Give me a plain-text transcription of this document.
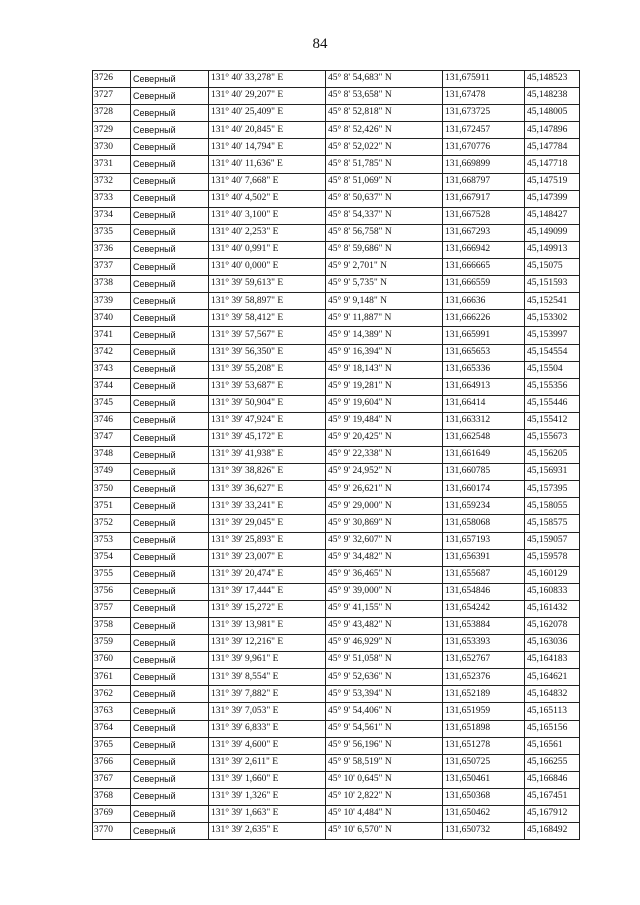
84
3726	Северный	131° 40' 33,278" E	45° 8' 54,683" N	131,675911	45,148523
3727	Северный	131° 40' 29,207" E	45° 8' 53,658" N	131,67478	45,148238
3728	Северный	131° 40' 25,409" E	45° 8' 52,818" N	131,673725	45,148005
3729	Северный	131° 40' 20,845" E	45° 8' 52,426" N	131,672457	45,147896
3730	Северный	131° 40' 14,794" E	45° 8' 52,022" N	131,670776	45,147784
3731	Северный	131° 40' 11,636" E	45° 8' 51,785" N	131,669899	45,147718
3732	Северный	131° 40' 7,668" E	45° 8' 51,069" N	131,668797	45,147519
3733	Северный	131° 40' 4,502" E	45° 8' 50,637" N	131,667917	45,147399
3734	Северный	131° 40' 3,100" E	45° 8' 54,337" N	131,667528	45,148427
3735	Северный	131° 40' 2,253" E	45° 8' 56,758" N	131,667293	45,149099
3736	Северный	131° 40' 0,991" E	45° 8' 59,686" N	131,666942	45,149913
3737	Северный	131° 40' 0,000" E	45° 9' 2,701" N	131,666665	45,15075
3738	Северный	131° 39' 59,613" E	45° 9' 5,735" N	131,666559	45,151593
3739	Северный	131° 39' 58,897" E	45° 9' 9,148" N	131,66636	45,152541
3740	Северный	131° 39' 58,412" E	45° 9' 11,887" N	131,666226	45,153302
3741	Северный	131° 39' 57,567" E	45° 9' 14,389" N	131,665991	45,153997
3742	Северный	131° 39' 56,350" E	45° 9' 16,394" N	131,665653	45,154554
3743	Северный	131° 39' 55,208" E	45° 9' 18,143" N	131,665336	45,15504
3744	Северный	131° 39' 53,687" E	45° 9' 19,281" N	131,664913	45,155356
3745	Северный	131° 39' 50,904" E	45° 9' 19,604" N	131,66414	45,155446
3746	Северный	131° 39' 47,924" E	45° 9' 19,484" N	131,663312	45,155412
3747	Северный	131° 39' 45,172" E	45° 9' 20,425" N	131,662548	45,155673
3748	Северный	131° 39' 41,938" E	45° 9' 22,338" N	131,661649	45,156205
3749	Северный	131° 39' 38,826" E	45° 9' 24,952" N	131,660785	45,156931
3750	Северный	131° 39' 36,627" E	45° 9' 26,621" N	131,660174	45,157395
3751	Северный	131° 39' 33,241" E	45° 9' 29,000" N	131,659234	45,158055
3752	Северный	131° 39' 29,045" E	45° 9' 30,869" N	131,658068	45,158575
3753	Северный	131° 39' 25,893" E	45° 9' 32,607" N	131,657193	45,159057
3754	Северный	131° 39' 23,007" E	45° 9' 34,482" N	131,656391	45,159578
3755	Северный	131° 39' 20,474" E	45° 9' 36,465" N	131,655687	45,160129
3756	Северный	131° 39' 17,444" E	45° 9' 39,000" N	131,654846	45,160833
3757	Северный	131° 39' 15,272" E	45° 9' 41,155" N	131,654242	45,161432
3758	Северный	131° 39' 13,981" E	45° 9' 43,482" N	131,653884	45,162078
3759	Северный	131° 39' 12,216" E	45° 9' 46,929" N	131,653393	45,163036
3760	Северный	131° 39' 9,961" E	45° 9' 51,058" N	131,652767	45,164183
3761	Северный	131° 39' 8,554" E	45° 9' 52,636" N	131,652376	45,164621
3762	Северный	131° 39' 7,882" E	45° 9' 53,394" N	131,652189	45,164832
3763	Северный	131° 39' 7,053" E	45° 9' 54,406" N	131,651959	45,165113
3764	Северный	131° 39' 6,833" E	45° 9' 54,561" N	131,651898	45,165156
3765	Северный	131° 39' 4,600" E	45° 9' 56,196" N	131,651278	45,16561
3766	Северный	131° 39' 2,611" E	45° 9' 58,519" N	131,650725	45,166255
3767	Северный	131° 39' 1,660" E	45° 10' 0,645" N	131,650461	45,166846
3768	Северный	131° 39' 1,326" E	45° 10' 2,822" N	131,650368	45,167451
3769	Северный	131° 39' 1,663" E	45° 10' 4,484" N	131,650462	45,167912
3770	Северный	131° 39' 2,635" E	45° 10' 6,570" N	131,650732	45,168492
